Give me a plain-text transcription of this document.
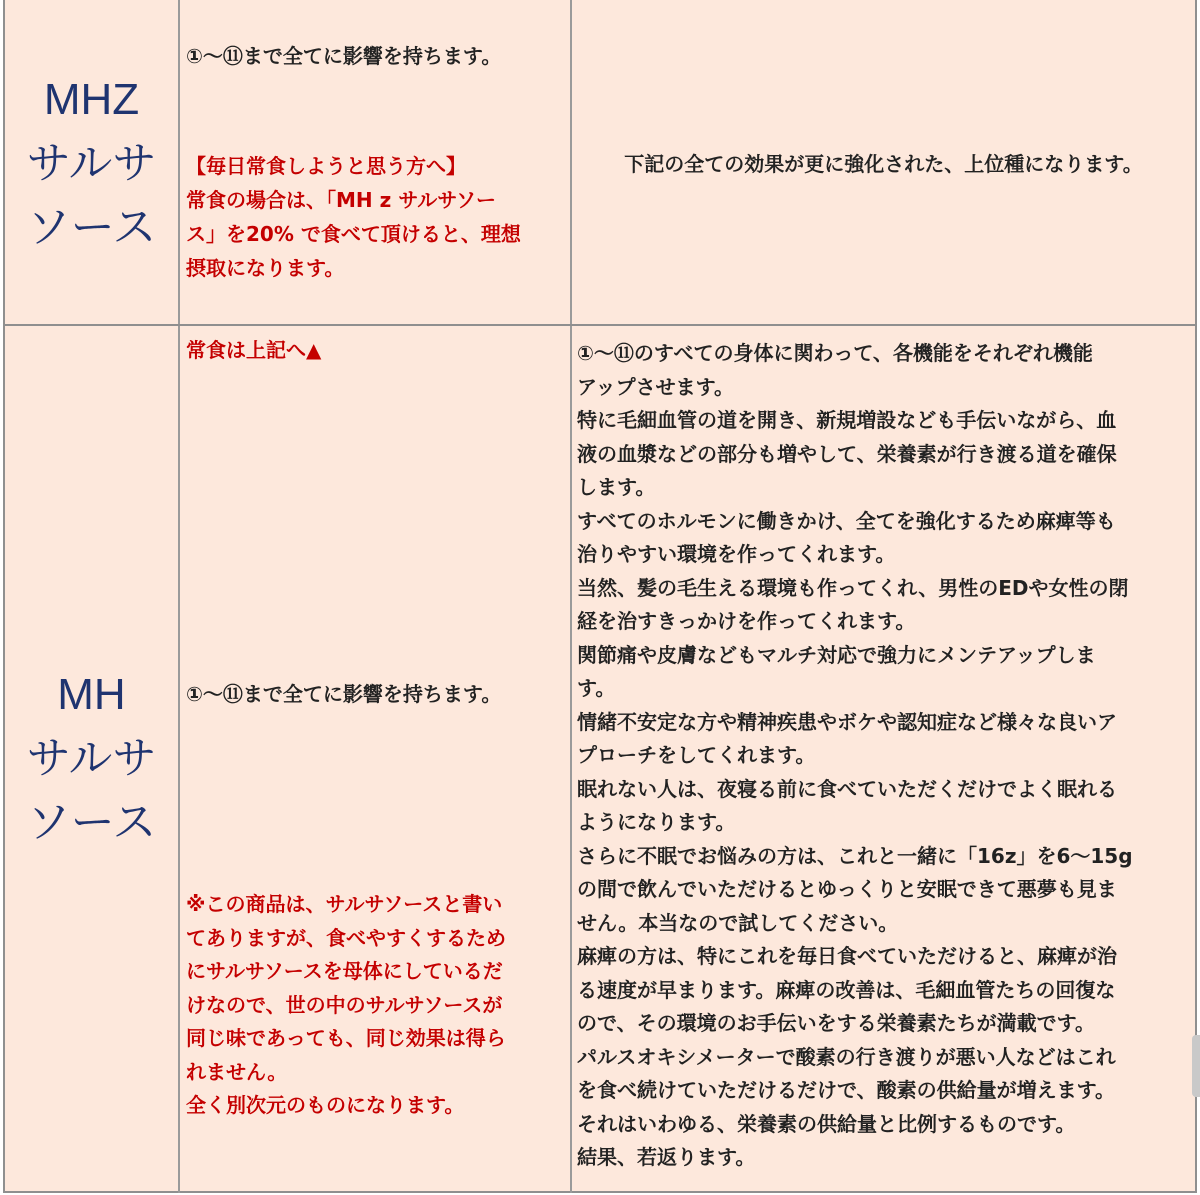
MHZ
サルサ
ソース
①〜⑪まで全てに影響を持ちます。
【毎日常食しようと思う方へ】
常食の場合は、「MH z サルサソー
ス」を20% で食べて頂けると、理想
摂取になります。
下記の全ての効果が更に強化された、上位種になります。
MH
サルサ
ソース
常食は上記へ▲
①〜⑪まで全てに影響を持ちます。
※この商品は、サルサソースと書い
てありますが、食べやすくするため
にサルサソースを母体にしているだ
けなので、世の中のサルサソースが
同じ味であっても、同じ効果は得ら
れません。
全く別次元のものになります。
①〜⑪のすべての身体に関わって、各機能をそれぞれ機能
アップさせます。
特に毛細血管の道を開き、新規増設なども手伝いながら、血
液の血漿などの部分も増やして、栄養素が行き渡る道を確保
します。
すべてのホルモンに働きかけ、全てを強化するため麻痺等も
治りやすい環境を作ってくれます。
当然、髪の毛生える環境も作ってくれ、男性のEDや女性の閉
経を治すきっかけを作ってくれます。
関節痛や皮膚などもマルチ対応で強力にメンテアップしま
す。
情緒不安定な方や精神疾患やボケや認知症など様々な良いア
プローチをしてくれます。
眠れない人は、夜寝る前に食べていただくだけでよく眠れる
ようになります。
さらに不眠でお悩みの方は、これと一緒に「16z」を6〜15g
の間で飲んでいただけるとゆっくりと安眠できて悪夢も見ま
せん。本当なので試してください。
麻痺の方は、特にこれを毎日食べていただけると、麻痺が治
る速度が早まります。麻痺の改善は、毛細血管たちの回復な
ので、その環境のお手伝いをする栄養素たちが満載です。
パルスオキシメーターで酸素の行き渡りが悪い人などはこれ
を食べ続けていただけるだけで、酸素の供給量が増えます。
それはいわゆる、栄養素の供給量と比例するものです。
結果、若返ります。
